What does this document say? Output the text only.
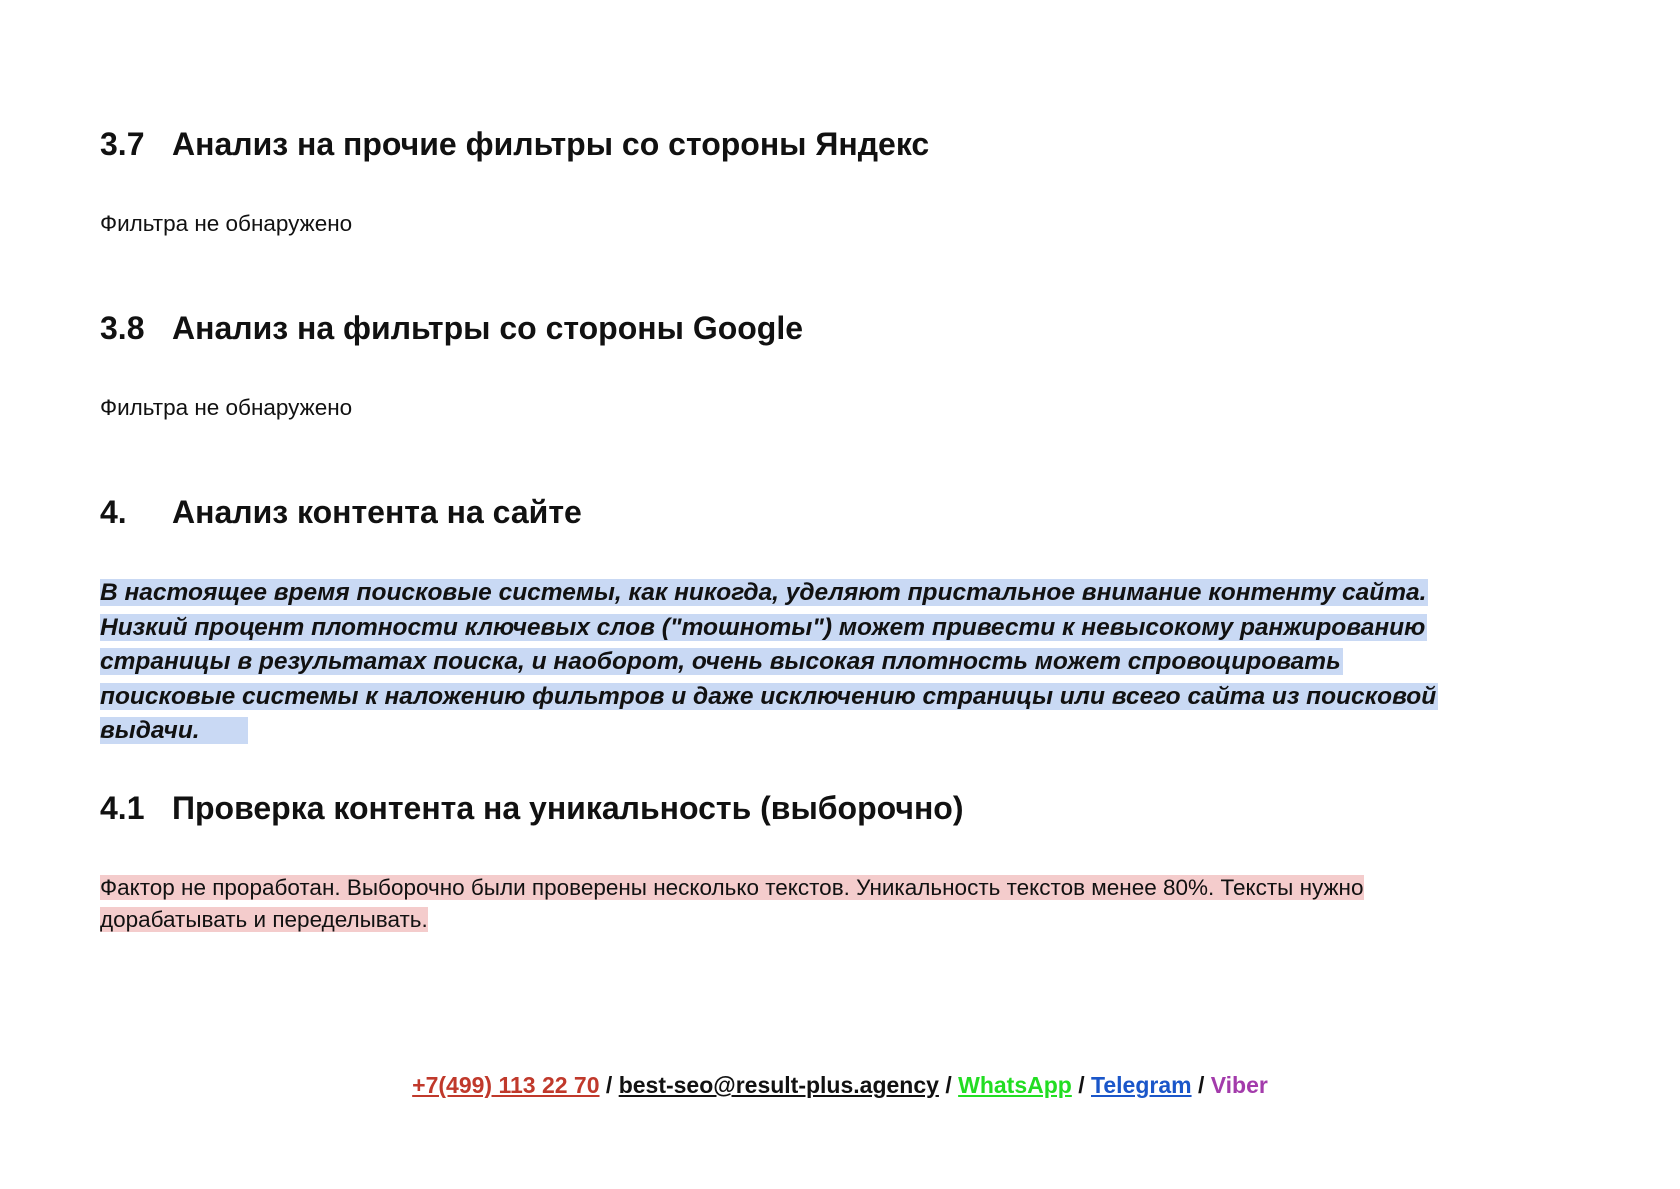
3.7 Анализ на прочие фильтры со стороны Яндекс
Фильтра не обнаружено
3.8 Анализ на фильтры со стороны Google
Фильтра не обнаружено
4. Анализ контента на сайте
В настоящее время поисковые системы, как никогда, уделяют пристальное внимание контенту сайта.
Низкий процент плотности ключевых слов ("тошноты") может привести к невысокому ранжированию
страницы в результатах поиска, и наоборот, очень высокая плотность может спровоцировать
поисковые системы к наложению фильтров и даже исключению страницы или всего сайта из поисковой
выдачи.
4.1 Проверка контента на уникальность (выборочно)
Фактор не проработан. Выборочно были проверены несколько текстов. Уникальность текстов менее 80%. Тексты нужно
дорабатывать и переделывать.
+7(499) 113 22 70 / best-seo@result-plus.agency / WhatsApp / Telegram / Viber
